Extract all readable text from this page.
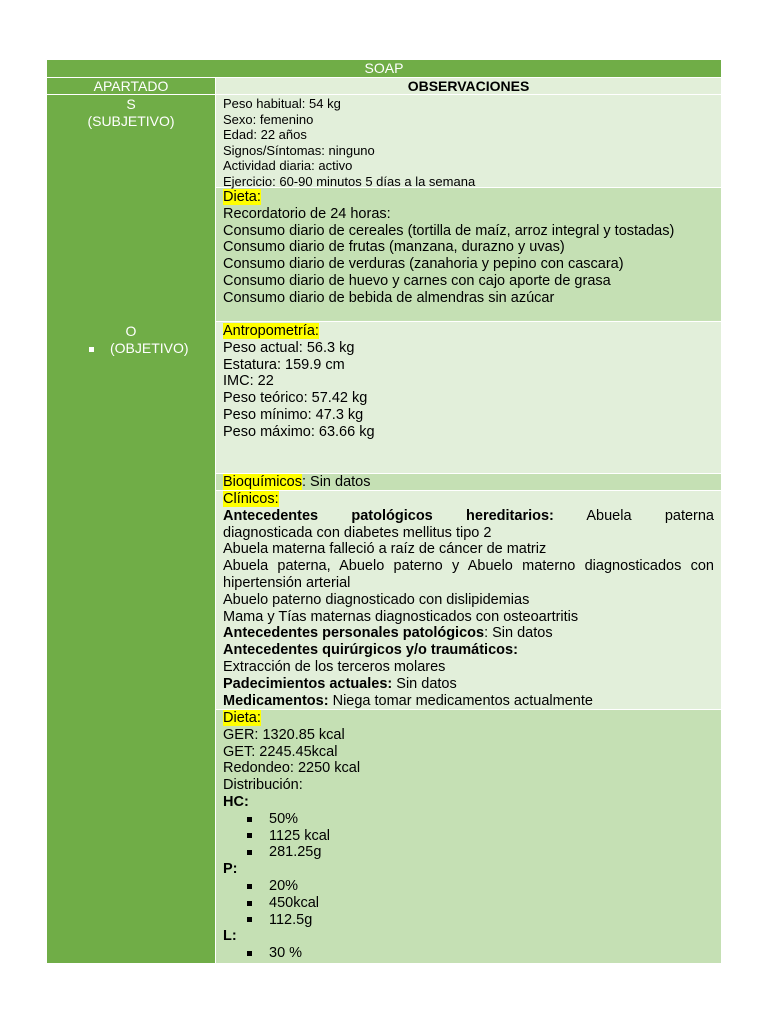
SOAP
APARTADO	OBSERVACIONES
S
(SUBJETIVO)
Peso habitual: 54 kg
Sexo: femenino
Edad: 22 años
Signos/Síntomas: ninguno
Actividad diaria: activo
Ejercicio: 60-90 minutos 5 días a la semana
Dieta:
Recordatorio de 24 horas:
Consumo diario de cereales (tortilla de maíz, arroz integral y tostadas)
Consumo diario de frutas (manzana, durazno y uvas)
Consumo diario de verduras (zanahoria y pepino con cascara)
Consumo diario de huevo y carnes con cajo aporte de grasa
Consumo diario de bebida de almendras sin azúcar
O
(OBJETIVO)
Antropometría:
Peso actual: 56.3 kg
Estatura: 159.9 cm
IMC: 22
Peso teórico: 57.42 kg
Peso mínimo: 47.3 kg
Peso máximo: 63.66 kg
Bioquímicos: Sin datos
Clínicos:
Antecedentes patológicos hereditarios: Abuela paterna
diagnosticada con diabetes mellitus tipo 2
Abuela materna falleció a raíz de cáncer de matriz
Abuela paterna, Abuelo paterno y Abuelo materno diagnosticados con
hipertensión arterial
Abuelo paterno diagnosticado con dislipidemias
Mama y Tías maternas diagnosticados con osteoartritis
Antecedentes personales patológicos: Sin datos
Antecedentes quirúrgicos y/o traumáticos:
Extracción de los terceros molares
Padecimientos actuales: Sin datos
Medicamentos: Niega tomar medicamentos actualmente
Dieta:
GER: 1320.85 kcal
GET: 2245.45kcal
Redondeo: 2250 kcal
Distribución:
HC:
50%
1125 kcal
281.25g
P:
20%
450kcal
112.5g
L:
30 %
